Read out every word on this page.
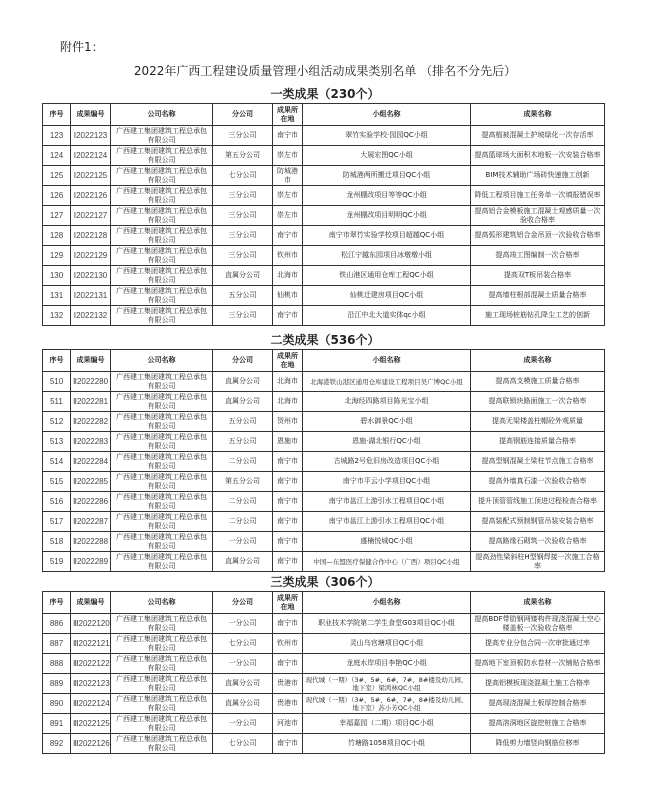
附件1：
2022年广西工程建设质量管理小组活动成果类别名单 （排名不分先后）
一类成果（230个）
序号	成果编号	公司名称	分公司	成果所在地	小组名称	成果名称
123	Ⅰ2022123	广西建工集团建筑工程总承包有限公司	三分公司	南宁市	翠竹实验学校·园园QC小组	提高植被混凝土护坡绿化一次存活率
124	Ⅰ2022124	广西建工集团建筑工程总承包有限公司	第五分公司	崇左市	大展宏图QC小组	提高篮球场大面积木地板一次安装合格率
125	Ⅰ2022125	广西建工集团建筑工程总承包有限公司	七分公司	防城港市	防城港两所搬迁项目QC小组	BIM技术辅助广场砖快速施工创新
126	Ⅰ2022126	广西建工集团建筑工程总承包有限公司	三分公司	崇左市	龙州棚改项目等等QC小组	降低工程项目施工任务单一次填报错误率
127	Ⅰ2022127	广西建工集团建筑工程总承包有限公司	三分公司	崇左市	龙州棚改项目明明QC小组	提高铝合金模板施工混凝土观感质量一次验收合格率
128	Ⅰ2022128	广西建工集团建筑工程总承包有限公司	三分公司	南宁市	南宁市翠竹实验学校项目超越QC小组	提高弧形建筑铝合金吊顶一次验收合格率
129	Ⅰ2022129	广西建工集团建筑工程总承包有限公司	三分公司	钦州市	松江宁越东园项目冰墩墩小组	提高竣工图编制一次合格率
130	Ⅰ2022130	广西建工集团建筑工程总承包有限公司	直属分公司	北海市	铁山港区通用仓库工程QC小组	提高双T板吊装合格率
131	Ⅰ2022131	广西建工集团建筑工程总承包有限公司	五分公司	仙桃市	仙桃迁建房项目QC小组	提高墙柱根部混凝土质量合格率
132	Ⅰ2022132	广西建工集团建筑工程总承包有限公司	三分公司	南宁市	沿江中北大道实体qc小组	施工现场桩筋钻孔降尘工艺的创新
二类成果（536个）
序号	成果编号	公司名称	分公司	成果所在地	小组名称	成果名称
510	Ⅱ2022280	广西建工集团建筑工程总承包有限公司	直属分公司	北海市	北海港铁山港区通用仓库建设工程项目吴广博QC小组	提高高支模施工质量合格率
511	Ⅱ2022281	广西建工集团建筑工程总承包有限公司	直属分公司	北海市	北海经四路项目陈光宝小组	提高联锁块路面施工一次合格率
512	Ⅱ2022282	广西建工集团建筑工程总承包有限公司	五分公司	贺州市	碧水御景QC小组	提高无梁楼盖柱帽砼外观质量
513	Ⅱ2022283	广西建工集团建筑工程总承包有限公司	五分公司	恩施市	恩施·湖北银行QC小组	提高钢筋连接质量合格率
514	Ⅱ2022284	广西建工集团建筑工程总承包有限公司	二分公司	南宁市	古城路2号危旧房改造项目QC小组	提高型钢混凝土梁柱节点施工合格率
515	Ⅱ2022285	广西建工集团建筑工程总承包有限公司	第五分公司	南宁市	南宁市平云小学项目QC小组	提高外墙真石漆一次验收合格率
516	Ⅱ2022286	广西建工集团建筑工程总承包有限公司	二分公司	南宁市	南宁市邕江上游引水工程项目QC小组	提升顶管管线施工顶进过程检查合格率
517	Ⅱ2022287	广西建工集团建筑工程总承包有限公司	二分公司	南宁市	南宁市邕江上游引水工程项目QC小组	提高装配式预制钢管吊装安装合格率
518	Ⅱ2022288	广西建工集团建筑工程总承包有限公司	一分公司	南宁市	盛楠悦城QC小组	提高路缘石砌筑一次验收合格率
519	Ⅱ2022289	广西建工集团建筑工程总承包有限公司	直属分公司	南宁市	中国—东盟医疗保健合作中心（广西）项目QC小组	提高劲性梁斜柱H型钢焊接一次施工合格率
三类成果（306个）
序号	成果编号	公司名称	分公司	成果所在地	小组名称	成果名称
886	Ⅲ2022120	广西建工集团建筑工程总承包有限公司	一分公司	南宁市	职业技术学院第二学生食堂G03项目QC小组	提高BDF带肋钢网镂构件现浇混凝土空心楼盖板一次验收合格率
887	Ⅲ2022121	广西建工集团建筑工程总承包有限公司	七分公司	钦州市	灵山乌官塘项目QC小组	提高专业分包合同一次审批通过率
888	Ⅲ2022122	广西建工集团建筑工程总承包有限公司	一分公司	南宁市	龙庭水岸项目李艳QC小组	提高地下室顶板防水卷材一次铺贴合格率
889	Ⅲ2022123	广西建工集团建筑工程总承包有限公司	直属分公司	贵港市	现代城（一期）（3#、5#、6#、7#、8#楼及幼儿园、地下室）梁鸿林QC小组	提高铝模板现浇混凝土施工合格率
890	Ⅲ2022124	广西建工集团建筑工程总承包有限公司	直属分公司	贵港市	现代城（一期）（3#、5#、6#、7#、8#楼及幼儿园、地下室）苏小芳QC小组	提高现浇混凝土板厚控制合格率
891	Ⅲ2022125	广西建工集团建筑工程总承包有限公司	一分公司	河池市	幸福嘉园（二期）项目QC小组	提高溶洞地区旋挖桩施工合格率
892	Ⅲ2022126	广西建工集团建筑工程总承包有限公司	七分公司	南宁市	竹塘路1058项目QC小组	降低剪力墙竖向钢筋位移率
